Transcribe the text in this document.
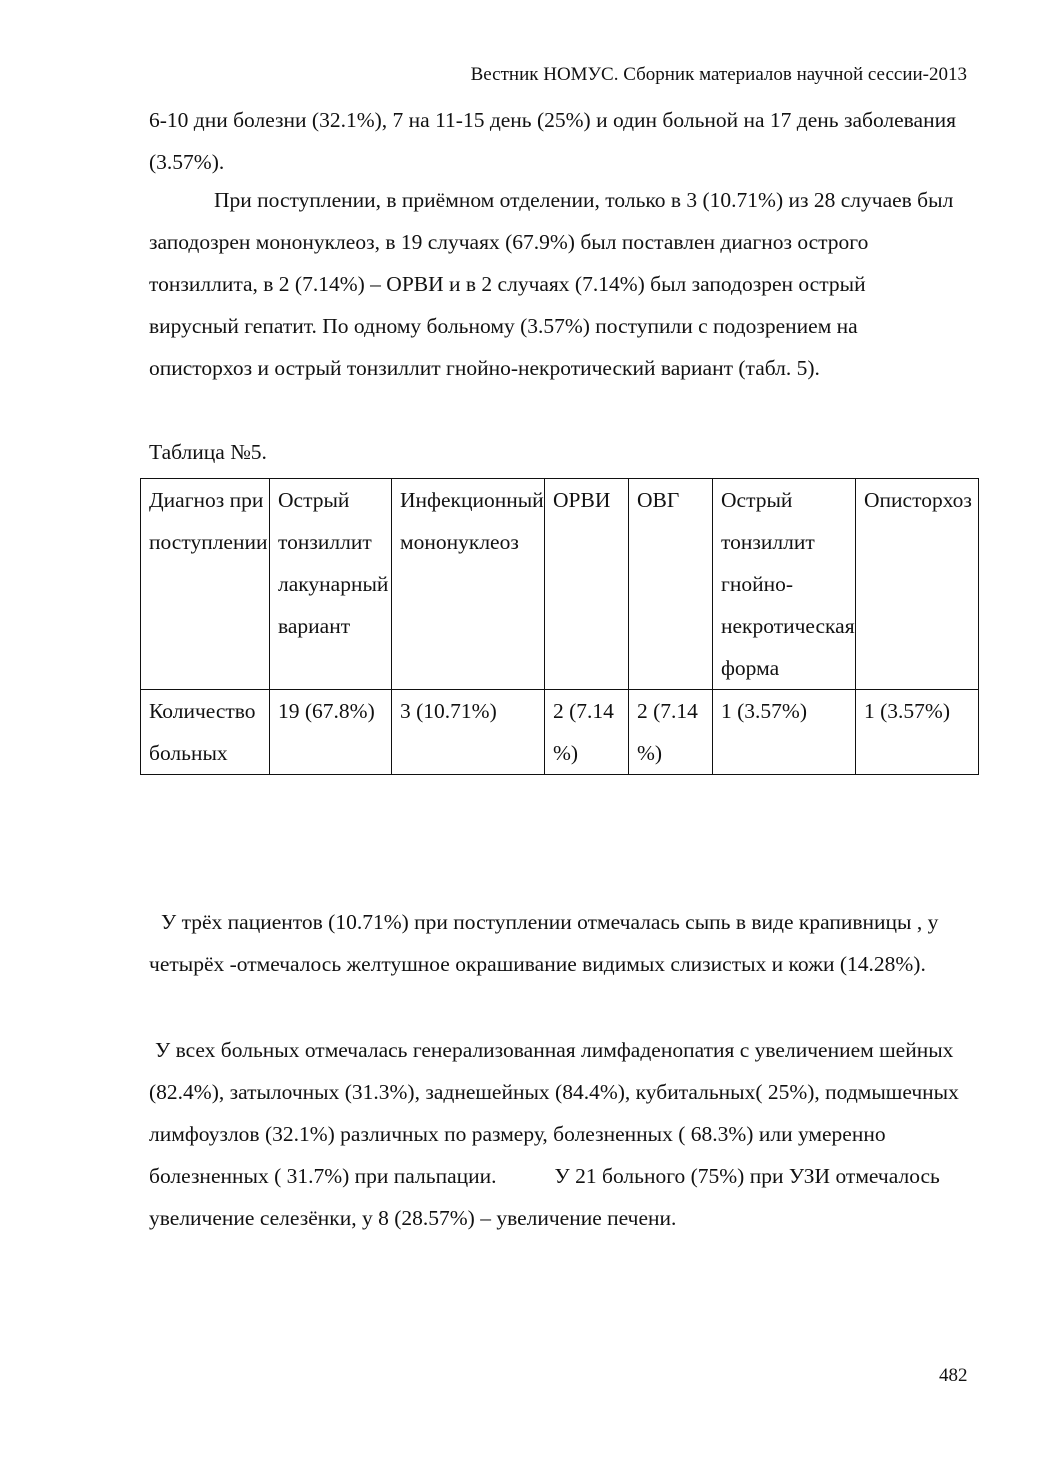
Вестник НОМУС. Сборник материалов научной сессии-2013
6-10 дни болезни (32.1%), 7 на 11-15 день (25%) и один больной на 17 день заболевания (3.57%).
При поступлении, в приёмном отделении, только в 3 (10.71%) из 28 случаев был заподозрен мононуклеоз, в 19 случаях (67.9%) был поставлен диагноз острого тонзиллита, в 2 (7.14%) – ОРВИ и в 2 случаях (7.14%) был заподозрен острый вирусный гепатит. По одному больному (3.57%) поступили с подозрением на описторхоз и острый тонзиллит гнойно-некротический вариант (табл. 5).
Таблица №5.
Диагноз при поступлении	Острый тонзиллит лакунарный вариант	Инфекционный мононуклеоз	ОРВИ	ОВГ	Острый тонзиллит гнойно-некротическая форма	Описторхоз
Количество больных	19 (67.8%)	3 (10.71%)	2 (7.14 %)	2 (7.14 %)	1 (3.57%)	1 (3.57%)
У трёх пациентов (10.71%) при поступлении отмечалась сыпь в виде крапивницы , у четырёх -отмечалось желтушное окрашивание видимых слизистых и кожи (14.28%).
У всех больных отмечалась генерализованная лимфаденопатия с увеличением шейных (82.4%), затылочных (31.3%), заднешейных (84.4%), кубитальных( 25%), подмышечных лимфоузлов (32.1%) различных по размеру, болезненных ( 68.3%) или умеренно болезненных ( 31.7%) при пальпации.	У 21 больного (75%) при УЗИ отмечалось увеличение селезёнки, у 8 (28.57%) – увеличение печени.
482
